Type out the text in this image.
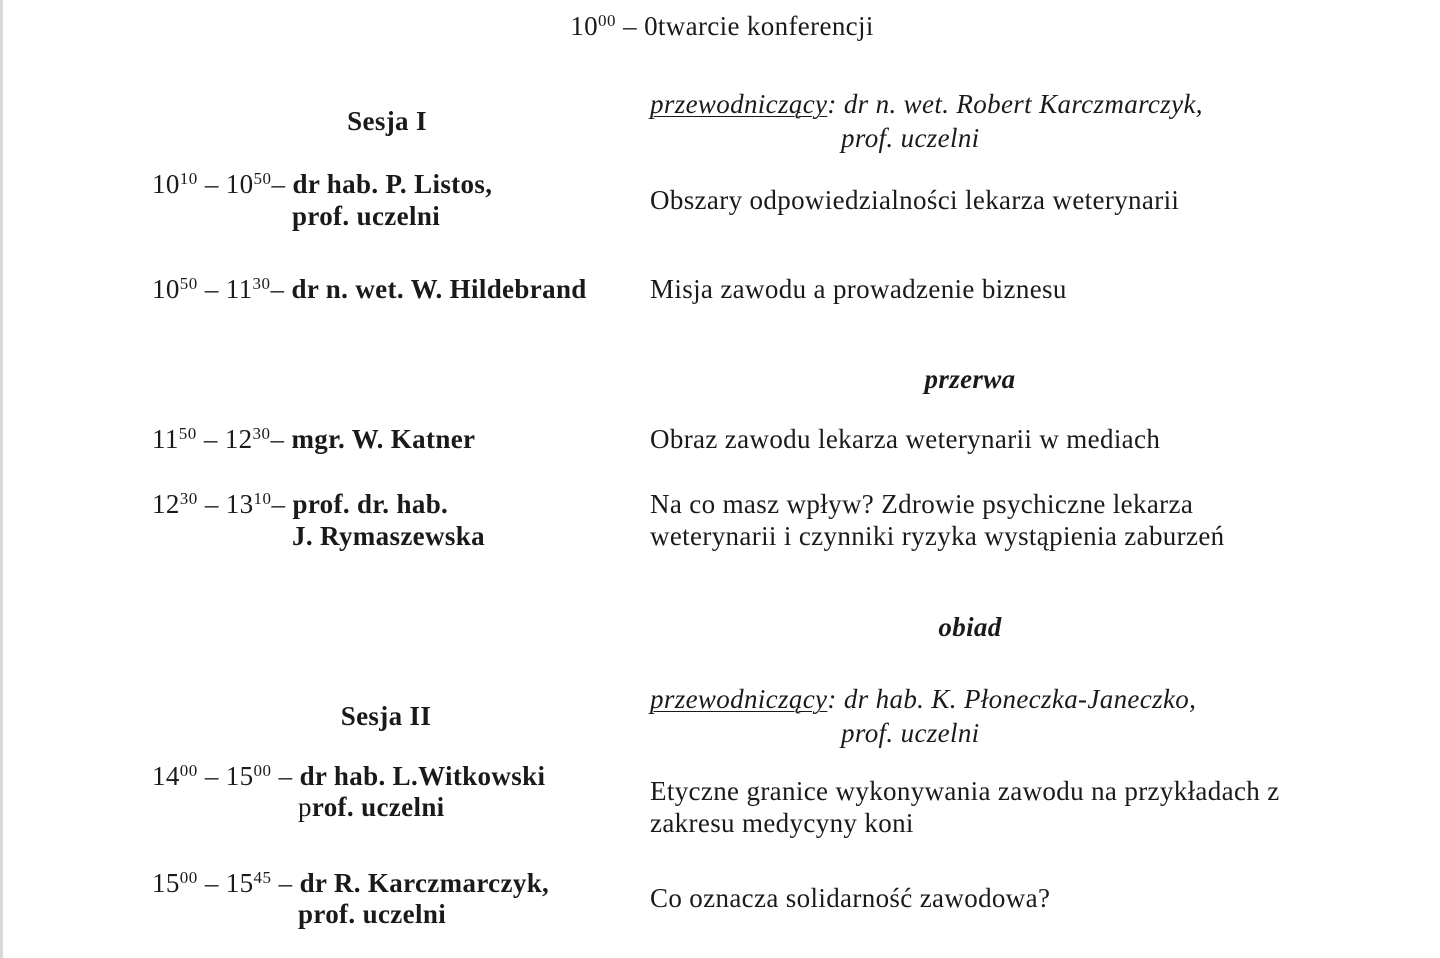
$10^{00}$ – 0twarcie konferencji
Sesja I
przewodniczący: dr n. wet. Robert Karczmarczyk,
prof. uczelni
$10^{10} - 10^{50}-$ dr hab. P. Listos,
prof. uczelni
Obszary odpowiedzialności lekarza weterynarii
$10^{50} - 11^{30}-$ dr n. wet. W. Hildebrand Misja zawodu a prowadzenie biznesu
przerwa
$11^{50} - 12^{30}-$ mgr. W. Katner	Obraz zawodu lekarza weterynarii w mediach
$12^{30} - 13^{10}-$ prof. dr. hab.
J. Rymaszewska
Na co masz wpływ? Zdrowie psychiczne lekarza
weterynarii i czynniki ryzyka wystąpienia zaburzeń
obiad
Sesja II
przewodniczący: dr hab. K. Płoneczka-Janeczko,
prof. uczelni
$14^{00} - 15^{00}$ – dr hab. L.Witkowski
prof. uczelni
Etyczne granice wykonywania zawodu na przykładach z
zakresu medycyny koni
$15^{00} - 15^{45}$ – dr R. Karczmarczyk,
prof. uczelni
Co oznacza solidarność zawodowa?
